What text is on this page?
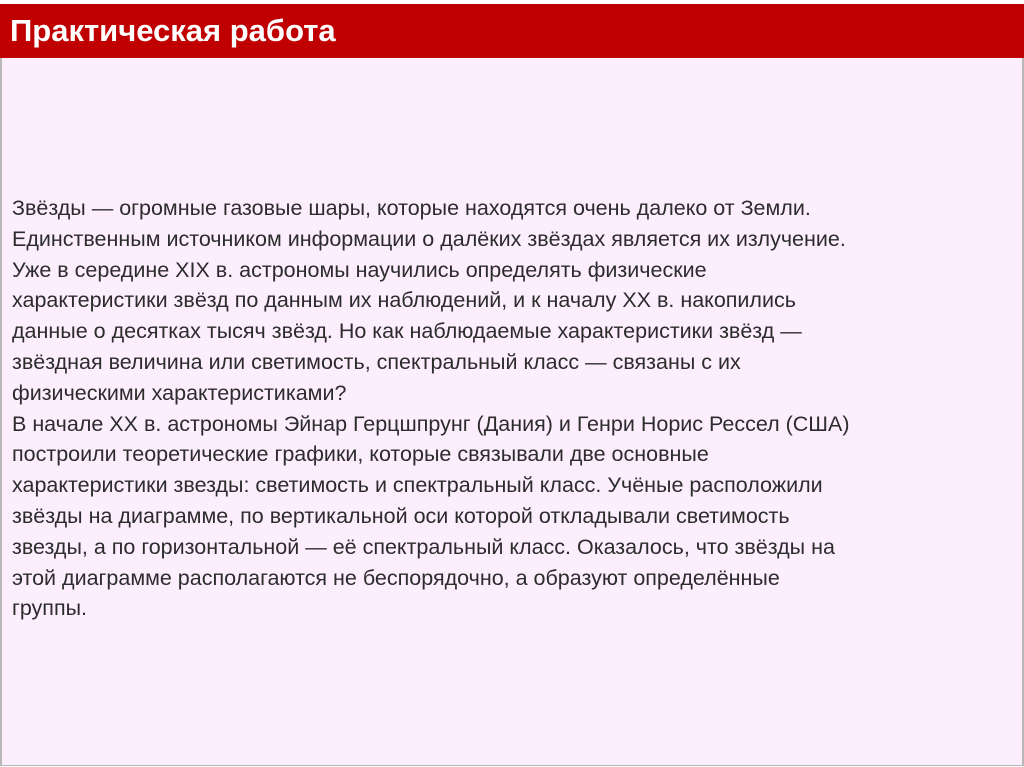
Практическая работа

Звёзды — огромные газовые шары, которые находятся очень далеко от Земли.
Единственным источником информации о далёких звёздах является их излучение.
Уже в середине XIX в. астрономы научились определять физические
характеристики звёзд по данным их наблюдений, и к началу XX в. накопились
данные о десятках тысяч звёзд. Но как наблюдаемые характеристики звёзд —
звёздная величина или светимость, спектральный класс — связаны с их
физическими характеристиками?

В начале XX в. астрономы Эйнар Герцшпрунг (Дания) и Генри Норис Рессел (США)
построили теоретические графики, которые связывали две основные
характеристики звезды: светимость и спектральный класс. Учёные расположили
звёзды на диаграмме, по вертикальной оси которой откладывали светимость
звезды, а по горизонтальной — её спектральный класс. Оказалось, что звёзды на
этой диаграмме располагаются не беспорядочно, а образуют определённые
группы.
